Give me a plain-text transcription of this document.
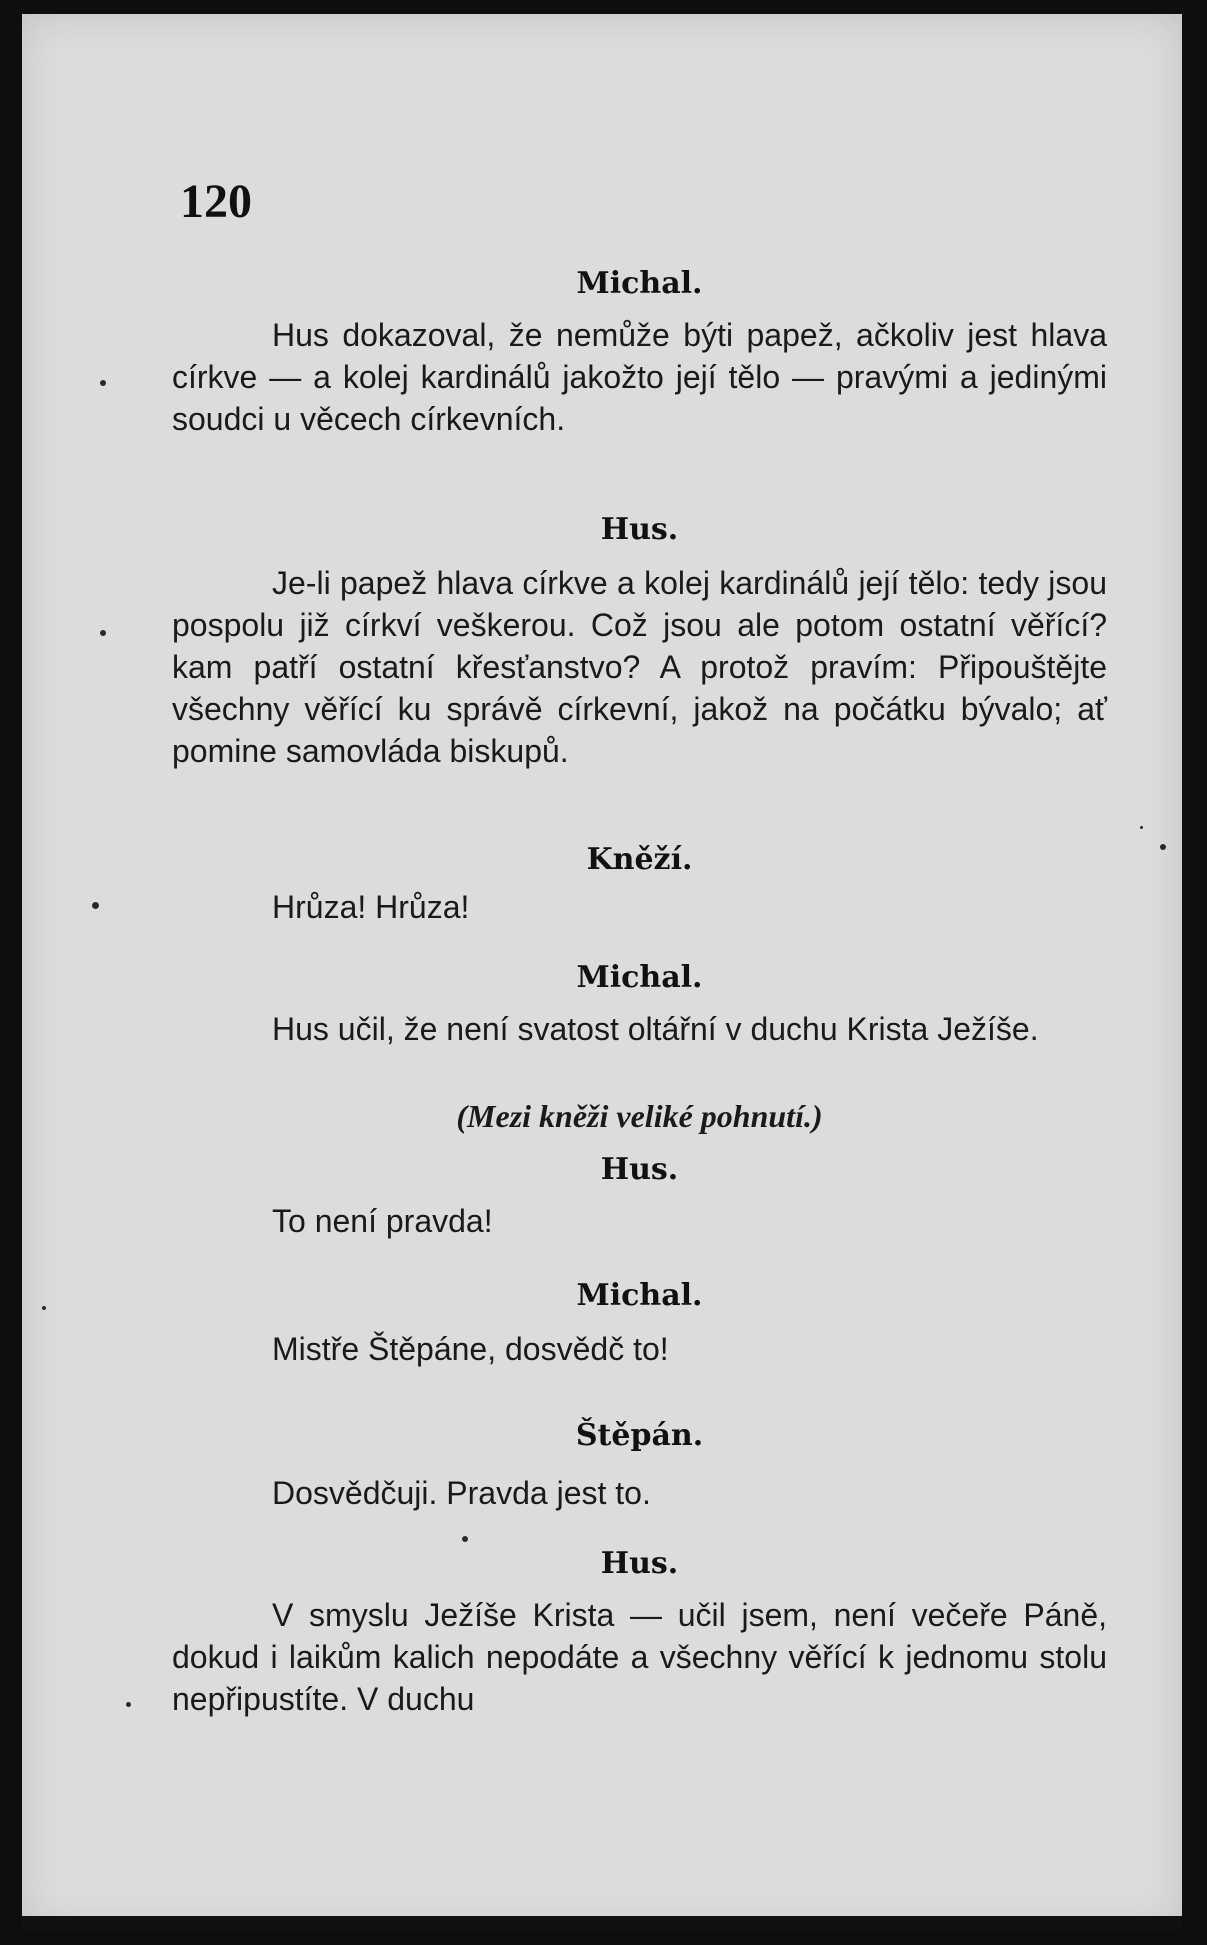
120
Michal.
Hus dokazoval, že nemůže býti papež, ačkoliv jest hlava církve — a kolej kardinálů jakožto její tělo — pravými a jedinými soudci u věcech církevních.
Hus.
Je-li papež hlava církve a kolej kardinálů její tělo: tedy jsou pospolu již církví veškerou. Což jsou ale potom ostatní věřící? kam patří ostatní křesťanstvo? A protož pravím: Připouštějte všechny věřící ku správě církevní, jakož na počátku bývalo; ať pomine samovláda biskupů.
Kněží.
Hrůza! Hrůza!
Michal.
Hus učil, že není svatost oltářní v duchu Krista Ježíše.
(Mezi kněži veliké pohnutí.)
Hus.
To není pravda!
Michal.
Mistře Štěpáne, dosvědč to!
Štěpán.
Dosvědčuji. Pravda jest to.
Hus.
V smyslu Ježíše Krista — učil jsem, není večeře Páně, dokud i laikům kalich nepodáte a všechny věřící k jednomu stolu nepřipustíte. V duchu
